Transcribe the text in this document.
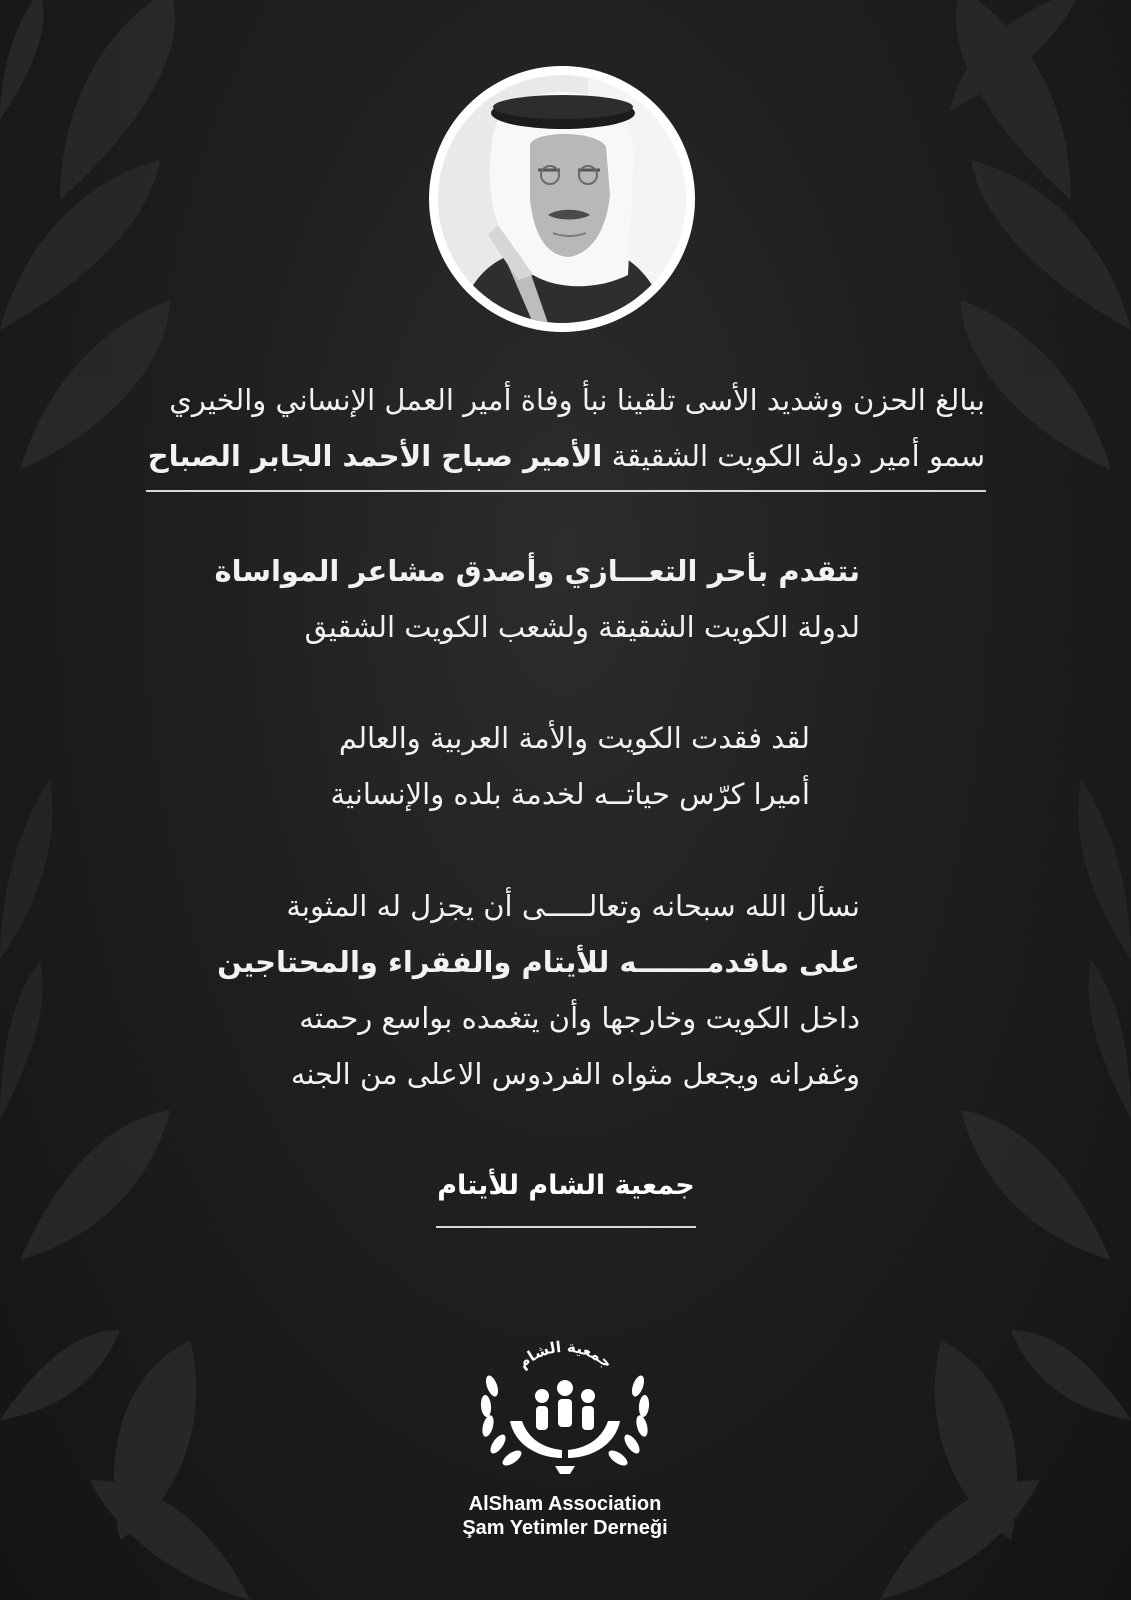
ببالغ الحزن وشديد الأسى تلقينا نبأ وفاة أمير العمل الإنساني والخيري
سمو أمير دولة الكويت الشقيقة الأمير صباح الأحمد الجابر الصباح
نتقدم بأحر التعـــازي وأصدق مشاعر المواساة
لدولة الكويت الشقيقة ولشعب الكويت الشقيق
لقد فقدت الكويت والأمة العربية والعالم
أميرا كرّس حياتــه لخدمة بلده والإنسانية
نسأل الله سبحانه وتعالـــــى أن يجزل له المثوبة
على ماقدمـــــــه للأيتام والفقراء والمحتاجين
داخل الكويت وخارجها وأن يتغمده بواسع رحمته
وغفرانه ويجعل مثواه الفردوس الاعلى من الجنه
جمعية الشام للأيتام
جمعية الشام
AlSham Association
Şam Yetimler Derneği
